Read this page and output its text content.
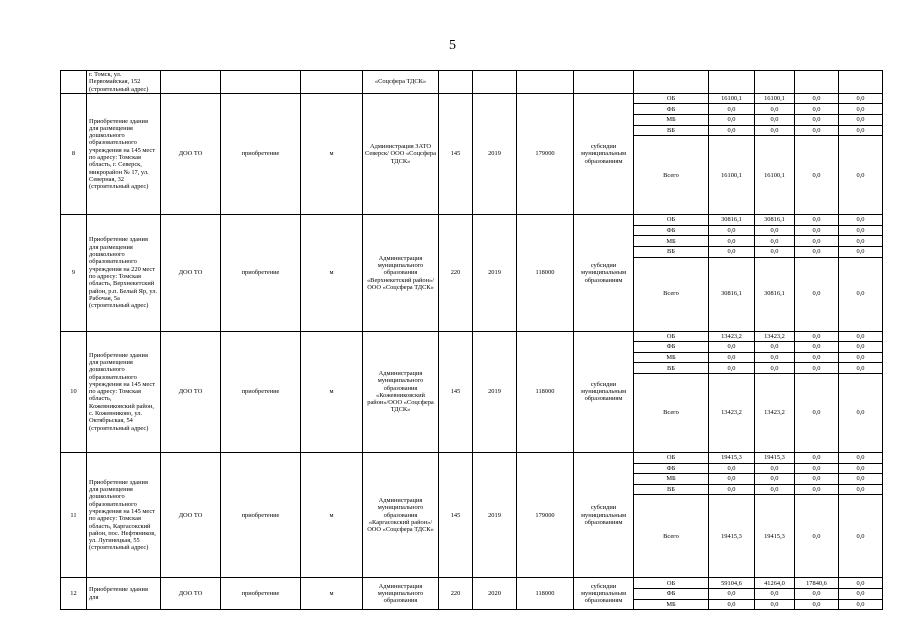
5
	г. Томск, ул. Первомайская, 152 (строительный адрес)				«Соцсфера ТДСК»									
8	Приобретение здания для размещения дошкольного образовательного учреждения на 145 мест по адресу: Томская область, г. Северск, микрорайон № 17, ул. Северная, 32 (строительный адрес)	ДОО ТО	приобретение	м	Администрация ЗАТО Северск/ ООО «Соцсфера ТДСК»	145	2019	179000	субсидии муниципальным образованиям	ОБ	16100,1	16100,1	0,0	0,0
										ФБ	0,0	0,0	0,0	0,0
										МБ	0,0	0,0	0,0	0,0
										ВБ	0,0	0,0	0,0	0,0
										Всего	16100,1	16100,1	0,0	0,0
9	Приобретение здания для размещения дошкольного образовательного учреждения на 220 мест по адресу: Томская область, Верхнекетский район, р.п. Белый Яр, ул. Рабочая, 5а (строительный адрес)	ДОО ТО	приобретение	м	Администрация муниципального образования «Верхнекетский район»/ООО «Соцсфера ТДСК»	220	2019	118000	субсидии муниципальным образованиям	ОБ	30816,1	30816,1	0,0	0,0
										ФБ	0,0	0,0	0,0	0,0
										МБ	0,0	0,0	0,0	0,0
										ВБ	0,0	0,0	0,0	0,0
										Всего	30816,1	30816,1	0,0	0,0
10	Приобретение здания для размещения дошкольного образовательного учреждения на 145 мест по адресу: Томская область, Кожевниковский район, с. Кожевниково, ул. Октябрьская, 54 (строительный адрес)	ДОО ТО	приобретение	м	Администрация муниципального образования «Кожевниковский район»/ООО «Соцсфера ТДСК»	145	2019	118000	субсидии муниципальным образованиям	ОБ	13423,2	13423,2	0,0	0,0
										ФБ	0,0	0,0	0,0	0,0
										МБ	0,0	0,0	0,0	0,0
										ВБ	0,0	0,0	0,0	0,0
										Всего	13423,2	13423,2	0,0	0,0
11	Приобретение здания для размещения дошкольного образовательного учреждения на 145 мест по адресу: Томская область, Каргасокский район, пос. Нефтяников, ул. Лугинецкая, 55 (строительный адрес)	ДОО ТО	приобретение	м	Администрация муниципального образования «Каргасокский район»/ООО «Соцсфера ТДСК»	145	2019	179000	субсидии муниципальным образованиям	ОБ	19415,3	19415,3	0,0	0,0
										ФБ	0,0	0,0	0,0	0,0
										МБ	0,0	0,0	0,0	0,0
										ВБ	0,0	0,0	0,0	0,0
										Всего	19415,3	19415,3	0,0	0,0
12	Приобретение здания для	ДОО ТО	приобретение	м	Администрация муниципального образования	220	2020	118000	субсидии муниципальным образованиям	ОБ	59104,6	41264,0	17840,6	0,0
										ФБ	0,0	0,0	0,0	0,0
										МБ	0,0	0,0	0,0	0,0
